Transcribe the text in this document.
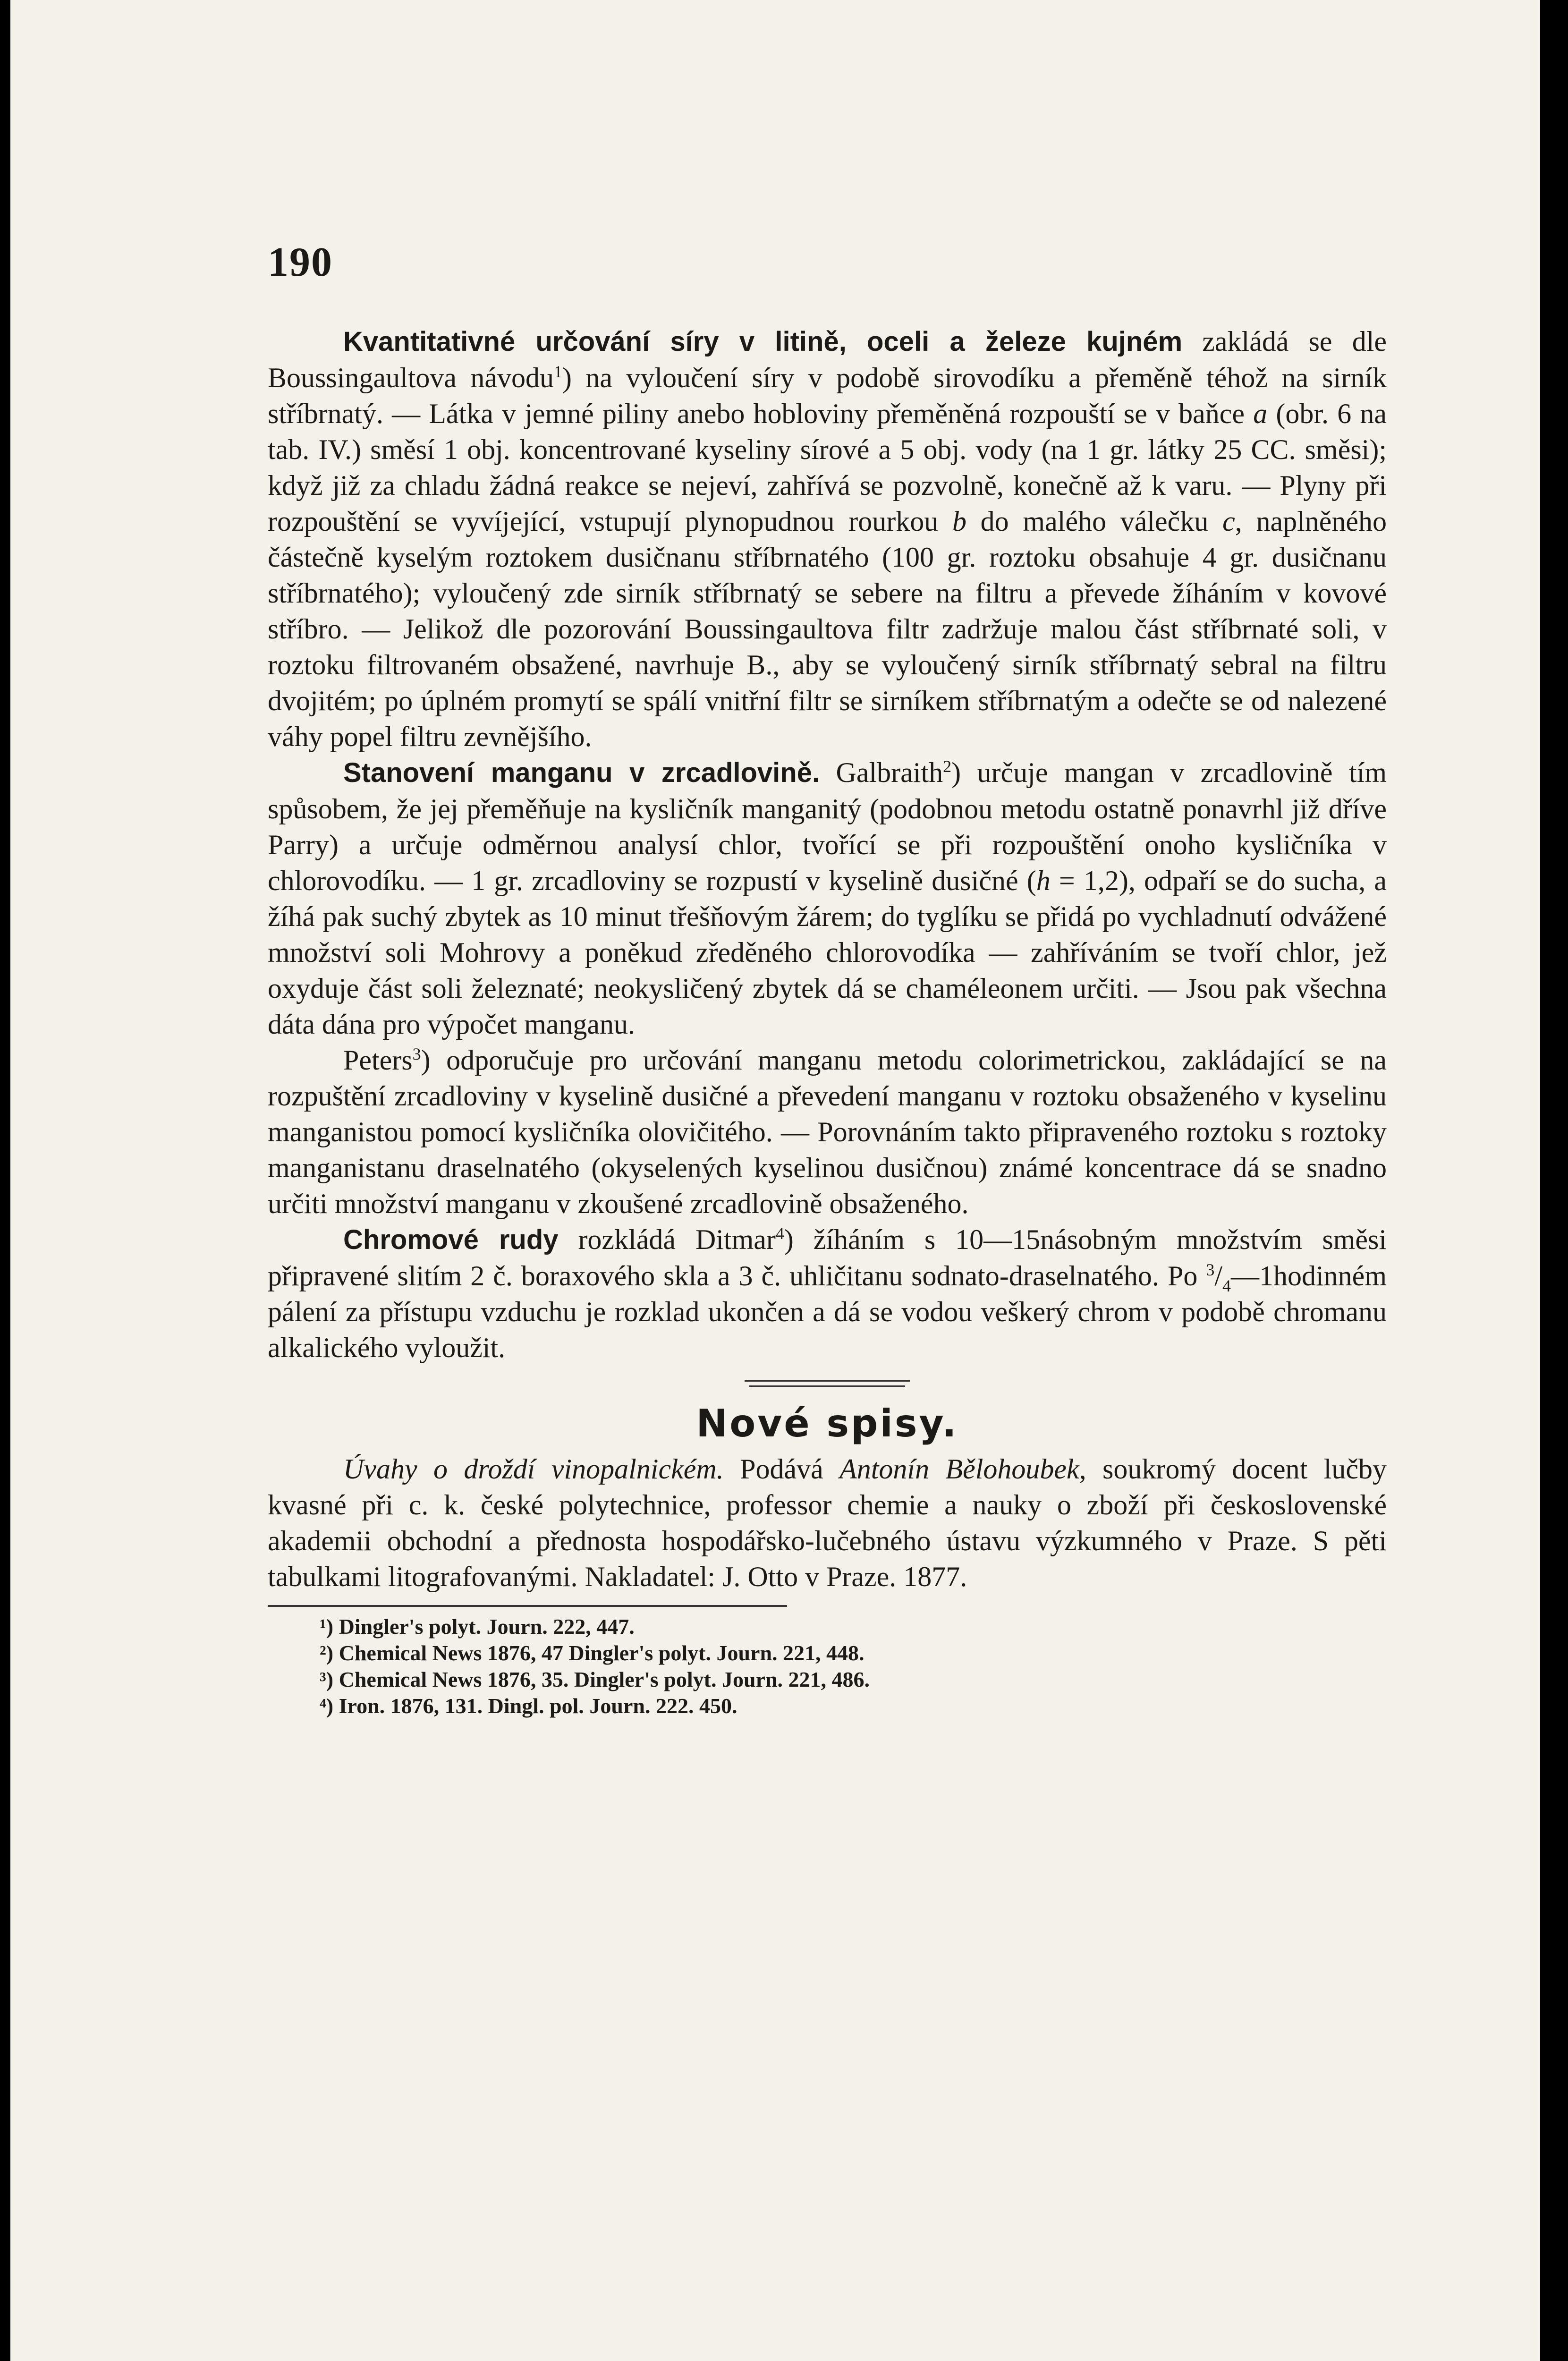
190

Kvantitativné určování síry v litině, oceli a železe kujném zakládá se dle Boussingaultova návodu$^1$) na vyloučení síry v podobě sirovodíku a přeměně téhož na sirník stříbrnatý. — Látka v jemné piliny anebo hobloviny přeměněná rozpouští se v baňce a (obr. 6 na tab. IV.) směsí 1 obj. koncentrované kyseliny sírové a 5 obj. vody (na 1 gr. látky 25 CC. směsi); když již za chladu žádná reakce se nejeví, zahřívá se pozvolně, konečně až k varu. — Plyny při rozpouštění se vyvíjející, vstupují plynopudnou rourkou b do malého válečku c, naplněného částečně kyselým roztokem dusičnanu stříbrnatého (100 gr. roztoku obsahuje 4 gr. dusičnanu stříbrnatého); vyloučený zde sirník stříbrnatý se sebere na filtru a převede žíháním v kovové stříbro. — Jelikož dle pozorování Boussingaultova filtr zadržuje malou část stříbrnaté soli, v roztoku filtrovaném obsažené, navrhuje B., aby se vyloučený sirník stříbrnatý sebral na filtru dvojitém; po úplném promytí se spálí vnitřní filtr se sirníkem stříbrnatým a odečte se od nalezené váhy popel filtru zevnějšího.

Stanovení manganu v zrcadlovině. Galbraith$^2$) určuje mangan v zrcadlovině tím spůsobem, že jej přeměňuje na kysličník manganitý (podobnou metodu ostatně ponavrhl již dříve Parry) a určuje odměrnou analysí chlor, tvořící se při rozpouštění onoho kysličníka v chlorovodíku. — 1 gr. zrcadloviny se rozpustí v kyselině dusičné (h = 1,2), odpaří se do sucha, a žíhá pak suchý zbytek as 10 minut třešňovým žárem; do tyglíku se přidá po vychladnutí odvážené množství soli Mohrovy a poněkud zředěného chlorovodíka — zahříváním se tvoří chlor, jež oxyduje část soli železnaté; neokysličený zbytek dá se chaméleonem určiti. — Jsou pak všechna dáta dána pro výpočet manganu.

Peters$^3$) odporučuje pro určování manganu metodu colorimetrickou, zakládající se na rozpuštění zrcadloviny v kyselině dusičné a převedení manganu v roztoku obsaženého v kyselinu manganistou pomocí kysličníka olovičitého. — Porovnáním takto připraveného roztoku s roztoky manganistanu draselnatého (okyselených kyselinou dusičnou) známé koncentrace dá se snadno určiti množství manganu v zkoušené zrcadlovině obsaženého.

Chromové rudy rozkládá Ditmar$^4$) žíháním s 10—15násobným množstvím směsi připravené slitím 2 č. boraxového skla a 3 č. uhličitanu sodnato-draselnatého. Po $^3/_4—1hodinném$ pálení za přístupu vzduchu je rozklad ukončen a dá se vodou veškerý chrom v podobě chromanu alkalického vyloužit.

Nové spisy.

Úvahy o droždí vinopalnickém. Podává Antonín Bělohoubek, soukromý docent lučby kvasné při c. k. české polytechnice, professor chemie a nauky o zboží při československé akademii obchodní a přednosta hospodářsko-lučebného ústavu výzkumného v Praze. S pěti tabulkami litografovanými. Nakladatel: J. Otto v Praze. 1877.

¹) Dingler's polyt. Journ. 222, 447.
²) Chemical News 1876, 47 Dingler's polyt. Journ. 221, 448.
³) Chemical News 1876, 35. Dingler's polyt. Journ. 221, 486.
⁴) Iron. 1876, 131. Dingl. pol. Journ. 222. 450.
